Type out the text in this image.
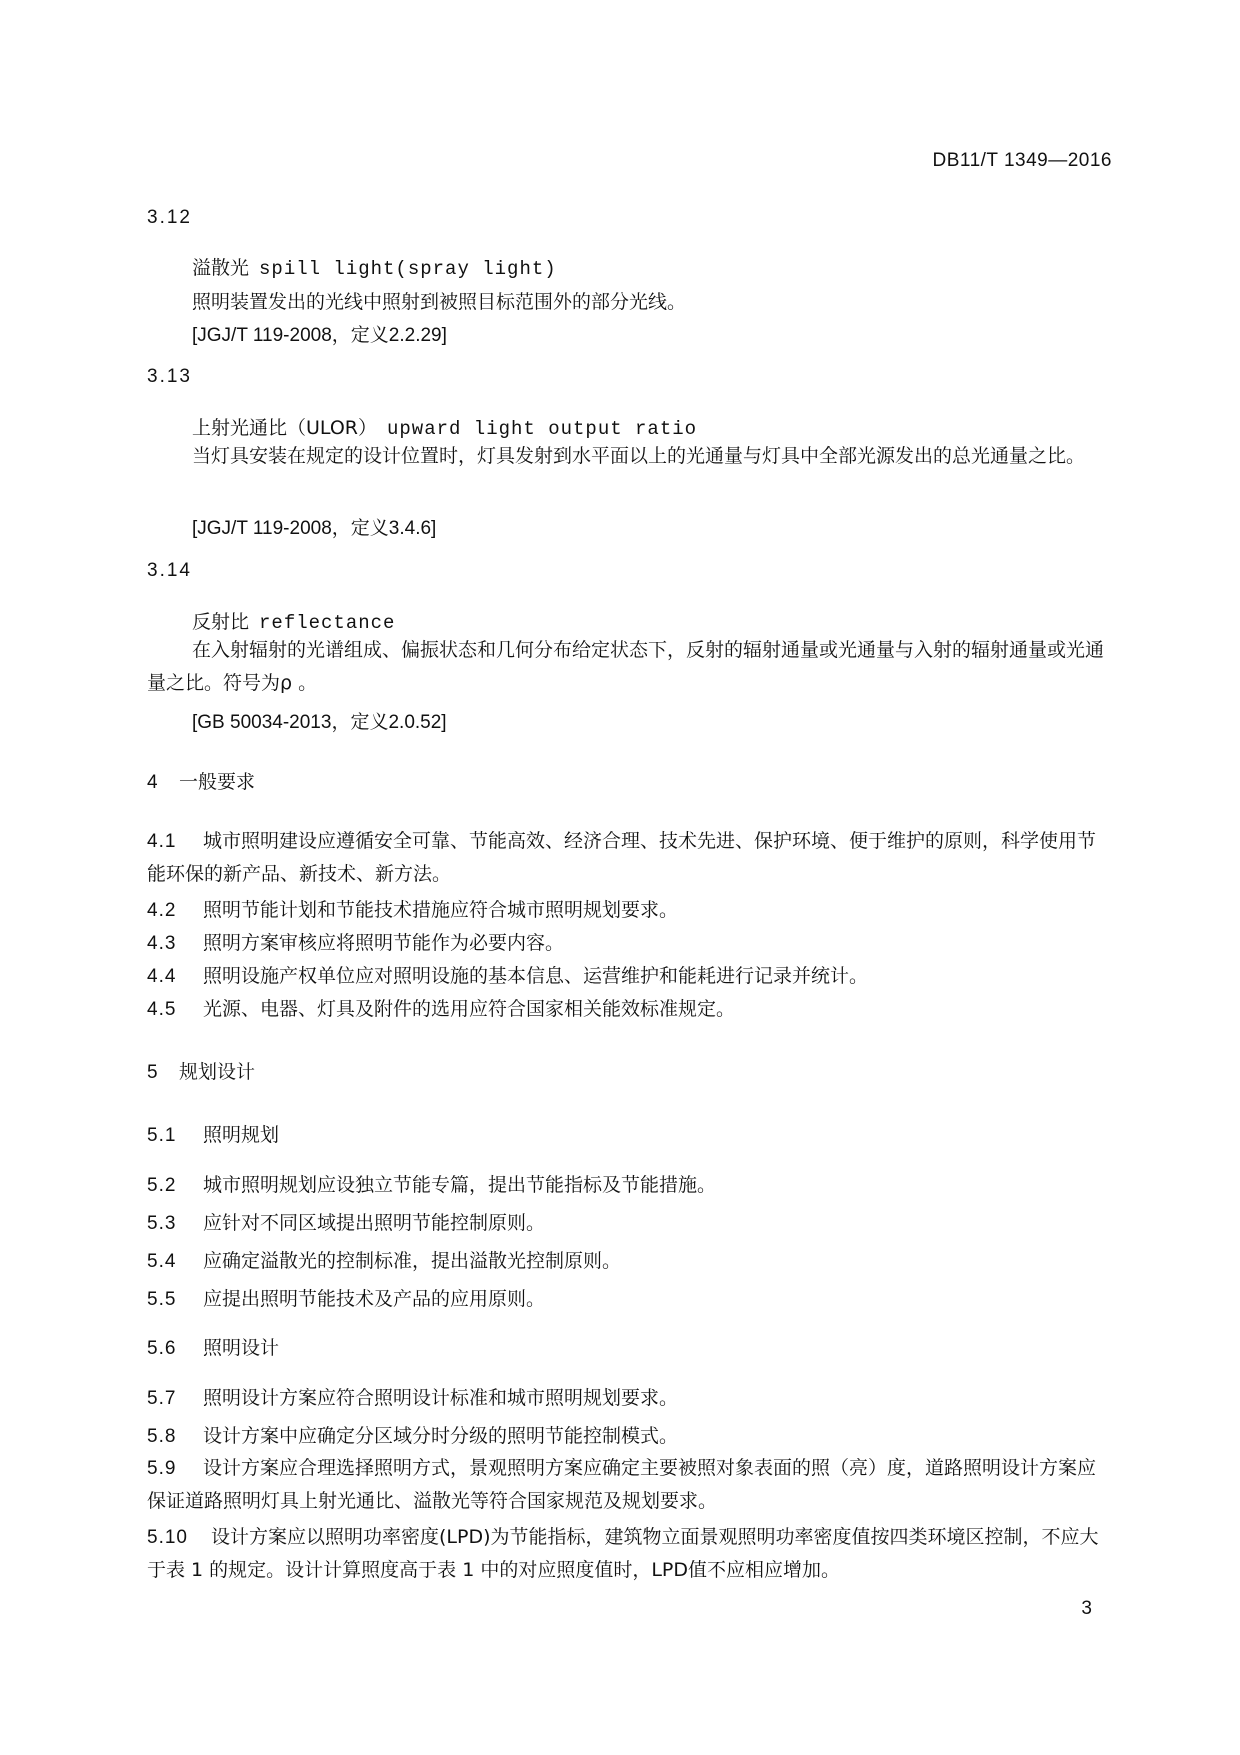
DB11/T 1349—2016
3.12
溢散光 spill light(spray light)
照明装置发出的光线中照射到被照目标范围外的部分光线。
[JGJ/T 119-2008，定义2.2.29]
3.13
上射光通比（ULOR） upward light output ratio
当灯具安装在规定的设计位置时，灯具发射到水平面以上的光通量与灯具中全部光源发出的总光通量之比。
[JGJ/T 119-2008，定义3.4.6]
3.14
反射比 reflectance
在入射辐射的光谱组成、偏振状态和几何分布给定状态下，反射的辐射通量或光通量与入射的辐射通量或光通量之比。符号为ρ 。
[GB 50034-2013，定义2.0.52]
4 一般要求
4.1 城市照明建设应遵循安全可靠、节能高效、经济合理、技术先进、保护环境、便于维护的原则，科学使用节能环保的新产品、新技术、新方法。
4.2 照明节能计划和节能技术措施应符合城市照明规划要求。
4.3 照明方案审核应将照明节能作为必要内容。
4.4 照明设施产权单位应对照明设施的基本信息、运营维护和能耗进行记录并统计。
4.5 光源、电器、灯具及附件的选用应符合国家相关能效标准规定。
5 规划设计
5.1 照明规划
5.2 城市照明规划应设独立节能专篇，提出节能指标及节能措施。
5.3 应针对不同区域提出照明节能控制原则。
5.4 应确定溢散光的控制标准，提出溢散光控制原则。
5.5 应提出照明节能技术及产品的应用原则。
5.6 照明设计
5.7 照明设计方案应符合照明设计标准和城市照明规划要求。
5.8 设计方案中应确定分区域分时分级的照明节能控制模式。
5.9 设计方案应合理选择照明方式，景观照明方案应确定主要被照对象表面的照（亮）度，道路照明设计方案应保证道路照明灯具上射光通比、溢散光等符合国家规范及规划要求。
5.10 设计方案应以照明功率密度(LPD)为节能指标，建筑物立面景观照明功率密度值按四类环境区控制，不应大于表 1 的规定。设计计算照度高于表 1 中的对应照度值时，LPD值不应相应增加。
3
